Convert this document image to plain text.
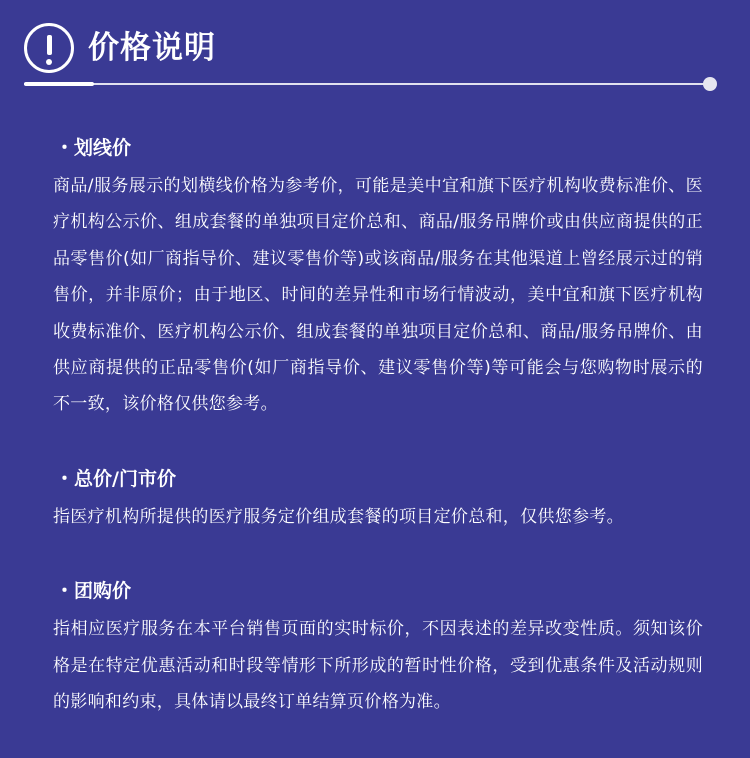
价格说明
・划线价
商品/服务展示的划横线价格为参考价，可能是美中宜和旗下医疗机构收费标准价、医疗机构公示价、组成套餐的单独项目定价总和、商品/服务吊牌价或由供应商提供的正品零售价(如厂商指导价、建议零售价等)或该商品/服务在其他渠道上曾经展示过的销售价，并非原价；由于地区、时间的差异性和市场行情波动，美中宜和旗下医疗机构收费标准价、医疗机构公示价、组成套餐的单独项目定价总和、商品/服务吊牌价、由供应商提供的正品零售价(如厂商指导价、建议零售价等)等可能会与您购物时展示的不一致，该价格仅供您参考。
・总价/门市价
指医疗机构所提供的医疗服务定价组成套餐的项目定价总和，仅供您参考。
・团购价
指相应医疗服务在本平台销售页面的实时标价，不因表述的差异改变性质。须知该价格是在特定优惠活动和时段等情形下所形成的暂时性价格，受到优惠条件及活动规则的影响和约束，具体请以最终订单结算页价格为准。
